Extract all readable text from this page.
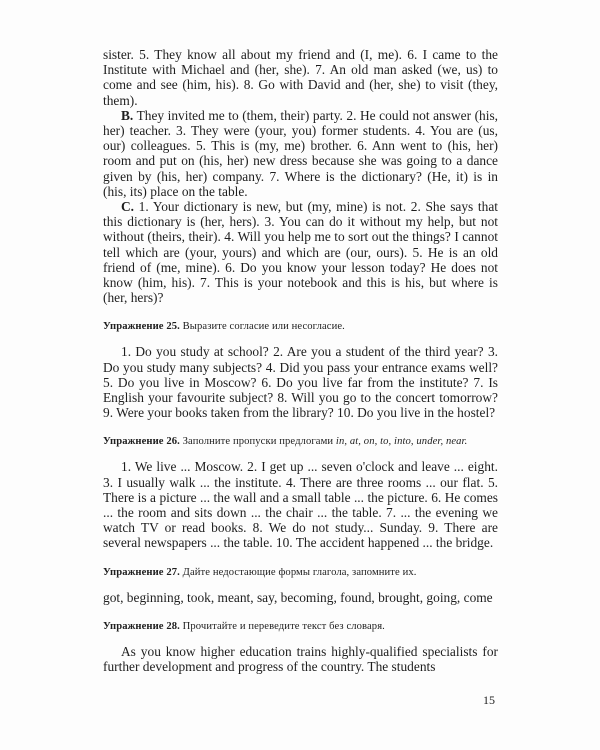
sister. 5. They know all about my friend and (I, me). 6. I came to the Institute with Michael and (her, she). 7. An old man asked (we, us) to come and see (him, his). 8. Go with David and (her, she) to visit (they, them).

B. They invited me to (them, their) party. 2. He could not answer (his, her) teacher. 3. They were (your, you) former students. 4. You are (us, our) colleagues. 5. This is (my, me) brother. 6. Ann went to (his, her) room and put on (his, her) new dress because she was going to a dance given by (his, her) company. 7. Where is the dictionary? (He, it) is in (his, its) place on the table.

C. 1. Your dictionary is new, but (my, mine) is not. 2. She says that this dictionary is (her, hers). 3. You can do it without my help, but not without (theirs, their). 4. Will you help me to sort out the things? I cannot tell which are (your, yours) and which are (our, ours). 5. He is an old friend of (me, mine). 6. Do you know your lesson today? He does not know (him, his). 7. This is your notebook and this is his, but where is (her, hers)?

Упражнение 25. Выразите согласие или несогласие.

1. Do you study at school? 2. Are you a student of the third year? 3. Do you study many subjects? 4. Did you pass your entrance exams well? 5. Do you live in Moscow? 6. Do you live far from the institute? 7. Is English your favourite subject? 8. Will you go to the concert tomorrow? 9. Were your books taken from the library? 10. Do you live in the hostel?

Упражнение 26. Заполните пропуски предлогами in, at, on, to, into, under, near.

1. We live ... Moscow. 2. I get up ... seven o'clock and leave ... eight. 3. I usually walk ... the institute. 4. There are three rooms ... our flat. 5. There is a picture ... the wall and a small table ... the picture. 6. He comes ... the room and sits down ... the chair ... the table. 7. ... the evening we watch TV or read books. 8. We do not study... Sunday. 9. There are several newspapers ... the table. 10. The accident happened ... the bridge.

Упражнение 27. Дайте недостающие формы глагола, запомните их.

got, beginning, took, meant, say, becoming, found, brought, going, come

Упражнение 28. Прочитайте и переведите текст без словаря.

As you know higher education trains highly-qualified specialists for further development and progress of the country. The students

15
